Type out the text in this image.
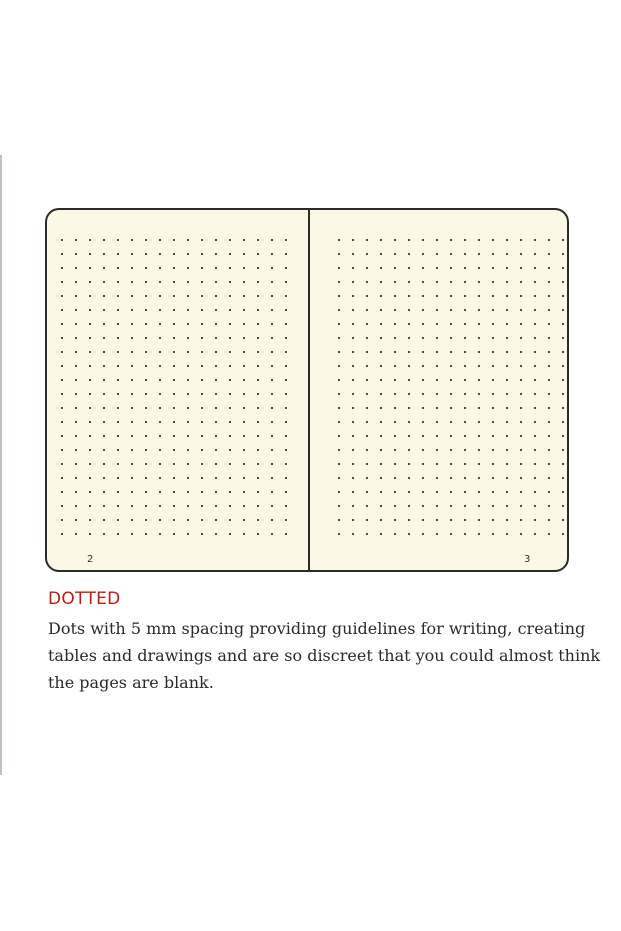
2	3
DOTTED

Dots with 5 mm spacing providing guidelines for writing, creating tables and drawings and are so discreet that you could almost think the pages are blank.
